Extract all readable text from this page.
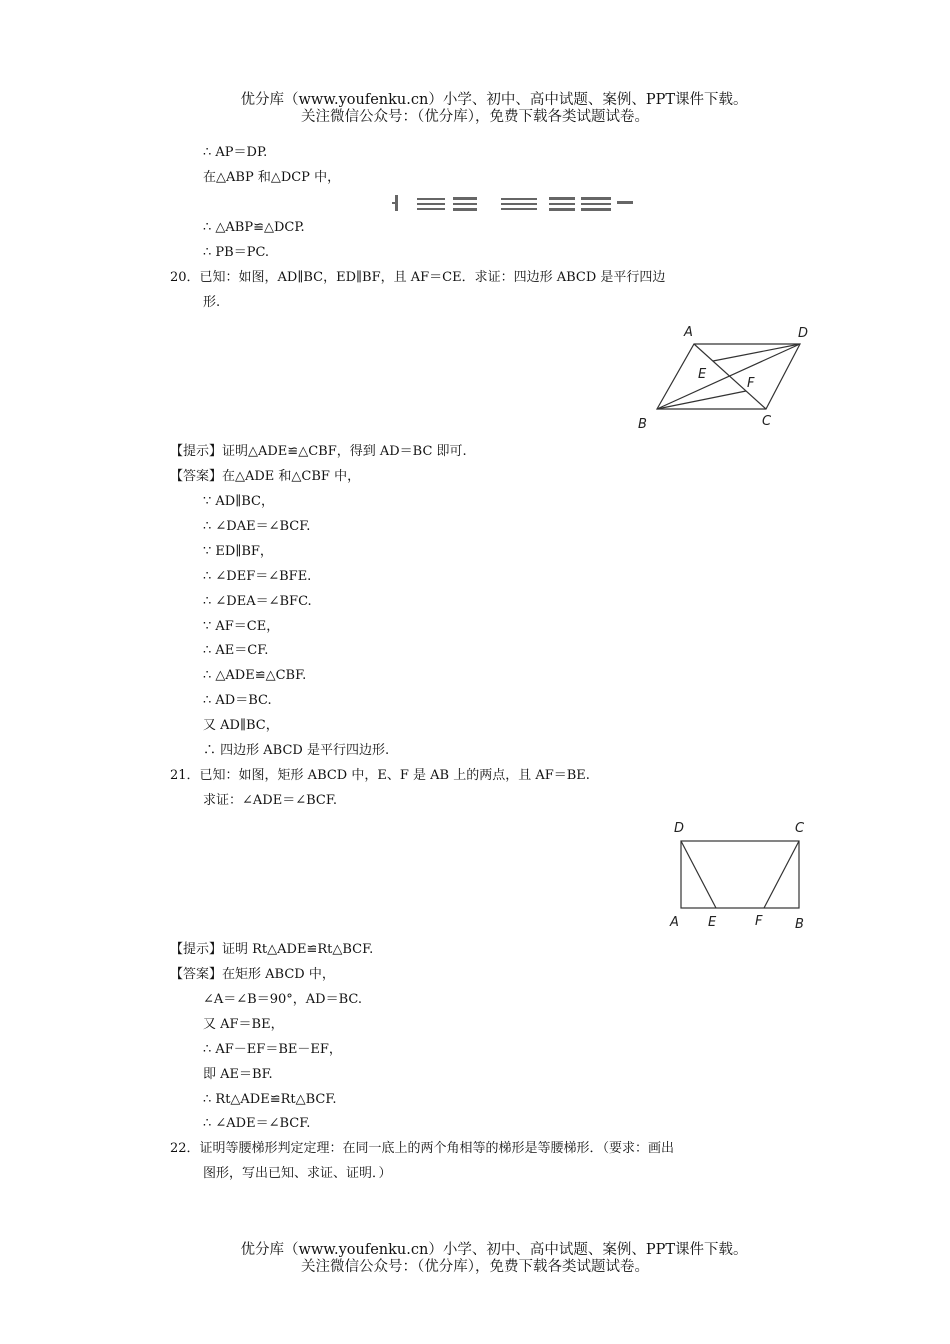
优分库（www.youfenku.cn）小学、初中、高中试题、案例、PPT课件下载。
关注微信公众号：（优分库），免费下载各类试题试卷。
∴ AP＝DP.
在△ABP 和△DCP 中，
∴ △ABP≌△DCP.
∴ PB＝PC.
20．已知：如图，AD∥BC，ED∥BF，且 AF＝CE．求证：四边形 ABCD 是平行四边
形.
A	D
E
F
B	C
【提示】证明△ADE≌△CBF，得到 AD＝BC 即可.
【答案】在△ADE 和△CBF 中，
∵ AD∥BC，
∴ ∠DAE＝∠BCF.
∵ ED∥BF，
∴ ∠DEF＝∠BFE.
∴ ∠DEA＝∠BFC.
∵ AF＝CE，
∴ AE＝CF.
∴ △ADE≌△CBF.
∴ AD＝BC.
又 AD∥BC，
∴ 四边形 ABCD 是平行四边形.
21．已知：如图，矩形 ABCD 中，E、F 是 AB 上的两点，且 AF＝BE.
求证：∠ADE＝∠BCF.
D	C
A E	F	B
【提示】证明 Rt△ADE≌Rt△BCF.
【答案】在矩形 ABCD 中，
∠A＝∠B＝90°，AD＝BC.
又 AF＝BE，
∴ AF－EF＝BE－EF，
即 AE＝BF.
∴ Rt△ADE≌Rt△BCF.
∴ ∠ADE＝∠BCF.
22．证明等腰梯形判定定理：在同一底上的两个角相等的梯形是等腰梯形．（要求：画出
图形，写出已知、求证、证明．）
优分库（www.youfenku.cn）小学、初中、高中试题、案例、PPT课件下载。
关注微信公众号：（优分库），免费下载各类试题试卷。
